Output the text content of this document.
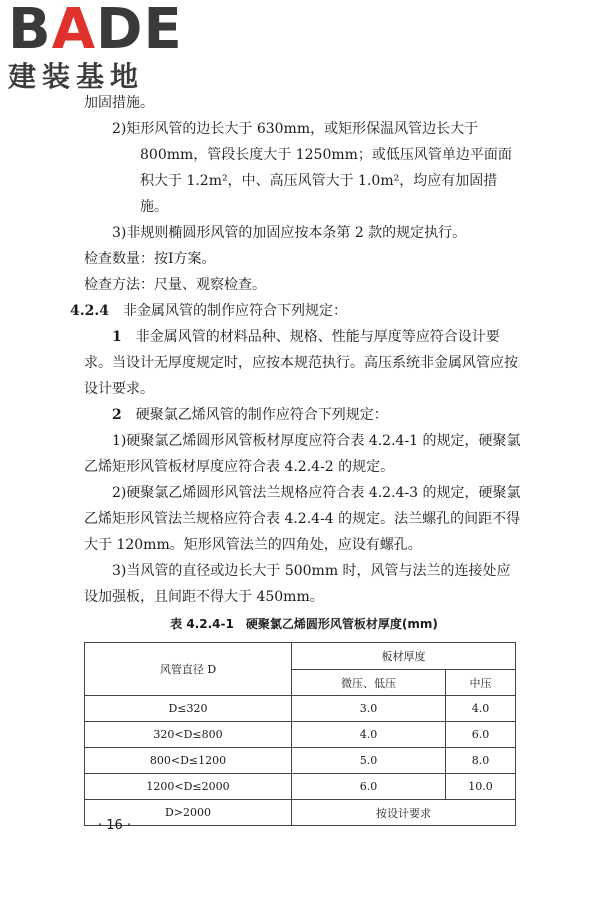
BADE
建装基地

加固措施。

2)矩形风管的边长大于 630mm，或矩形保温风管边长大于800mm，管段长度大于 1250mm；或低压风管单边平面面积大于 1.2m²，中、高压风管大于 1.0m²，均应有加固措施。

3)非规则椭圆形风管的加固应按本条第 2 款的规定执行。

检查数量：按Ⅰ方案。

检查方法：尺量、观察检查。

4.2.4　 非金属风管的制作应符合下列规定：

1　 非金属风管的材料品种、规格、性能与厚度等应符合设计要求。当设计无厚度规定时，应按本规范执行。高压系统非金属风管应按设计要求。

2　 硬聚氯乙烯风管的制作应符合下列规定：

1)硬聚氯乙烯圆形风管板材厚度应符合表 4.2.4-1 的规定，硬聚氯乙烯矩形风管板材厚度应符合表 4.2.4-2 的规定。

2)硬聚氯乙烯圆形风管法兰规格应符合表 4.2.4-3 的规定，硬聚氯乙烯矩形风管法兰规格应符合表 4.2.4-4 的规定。法兰螺孔的间距不得大于 120mm。矩形风管法兰的四角处，应设有螺孔。

3)当风管的直径或边长大于 500mm 时，风管与法兰的连接处应设加强板，且间距不得大于 450mm。

表 4.2.4-1　硬聚氯乙烯圆形风管板材厚度(mm)
风管直径 D	板材厚度	
	微压、低压	中压
D≤320	3.0	4.0
320<D≤800	4.0	6.0
800<D≤1200	5.0	8.0
1200<D≤2000	6.0	10.0
D>2000	按设计要求	
· 16 ·
